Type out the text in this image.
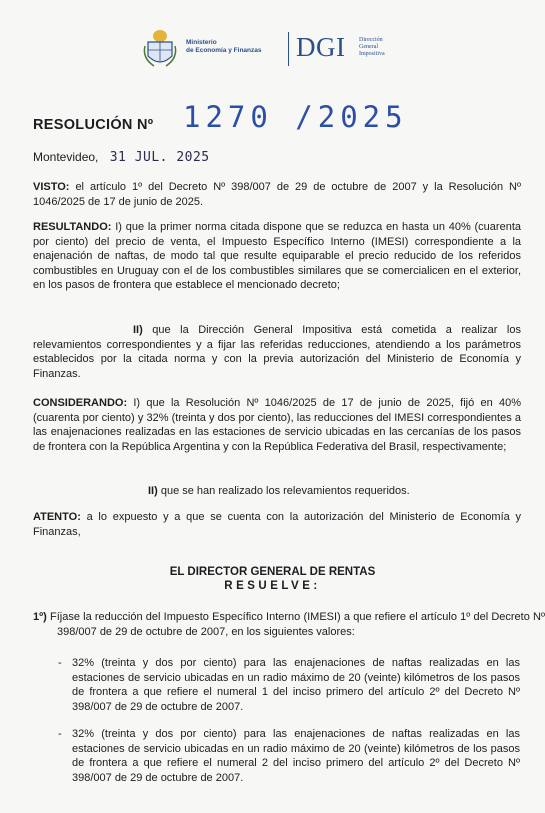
Ministerio
de Economía y Finanzas DGI Dirección
General
Impositiva
RESOLUCIÓN Nº 1270 /2025
Montevideo, 31 JUL. 2025
VISTO: el artículo 1º del Decreto Nº 398/007 de 29 de octubre de 2007 y la Resolución Nº 1046/2025 de 17 de junio de 2025.
RESULTANDO: I) que la primer norma citada dispone que se reduzca en hasta un 40% (cuarenta por ciento) del precio de venta, el Impuesto Específico Interno (IMESI) correspondiente a la enajenación de naftas, de modo tal que resulte equiparable el precio reducido de los referidos combustibles en Uruguay con el de los combustibles similares que se comercialicen en el exterior, en los pasos de frontera que establece el mencionado decreto;
II) que la Dirección General Impositiva está cometida a realizar los relevamientos correspondientes y a fijar las referidas reducciones, atendiendo a los parámetros establecidos por la citada norma y con la previa autorización del Ministerio de Economía y Finanzas.
CONSIDERANDO: I) que la Resolución Nº 1046/2025 de 17 de junio de 2025, fijó en 40% (cuarenta por ciento) y 32% (treinta y dos por ciento), las reducciones del IMESI correspondientes a las enajenaciones realizadas en las estaciones de servicio ubicadas en las cercanías de los pasos de frontera con la República Argentina y con la República Federativa del Brasil, respectivamente;
II) que se han realizado los relevamientos requeridos.
ATENTO: a lo expuesto y a que se cuenta con la autorización del Ministerio de Economía y Finanzas,
EL DIRECTOR GENERAL DE RENTAS
RESUELVE:
1º) Fíjase la reducción del Impuesto Específico Interno (IMESI) a que refiere el artículo 1º del Decreto Nº 398/007 de 29 de octubre de 2007, en los siguientes valores:
- 32% (treinta y dos por ciento) para las enajenaciones de naftas realizadas en las estaciones de servicio ubicadas en un radio máximo de 20 (veinte) kilómetros de los pasos de frontera a que refiere el numeral 1 del inciso primero del artículo 2º del Decreto Nº 398/007 de 29 de octubre de 2007.
- 32% (treinta y dos por ciento) para las enajenaciones de naftas realizadas en las estaciones de servicio ubicadas en un radio máximo de 20 (veinte) kilómetros de los pasos de frontera a que refiere el numeral 2 del inciso primero del artículo 2º del Decreto Nº 398/007 de 29 de octubre de 2007.
